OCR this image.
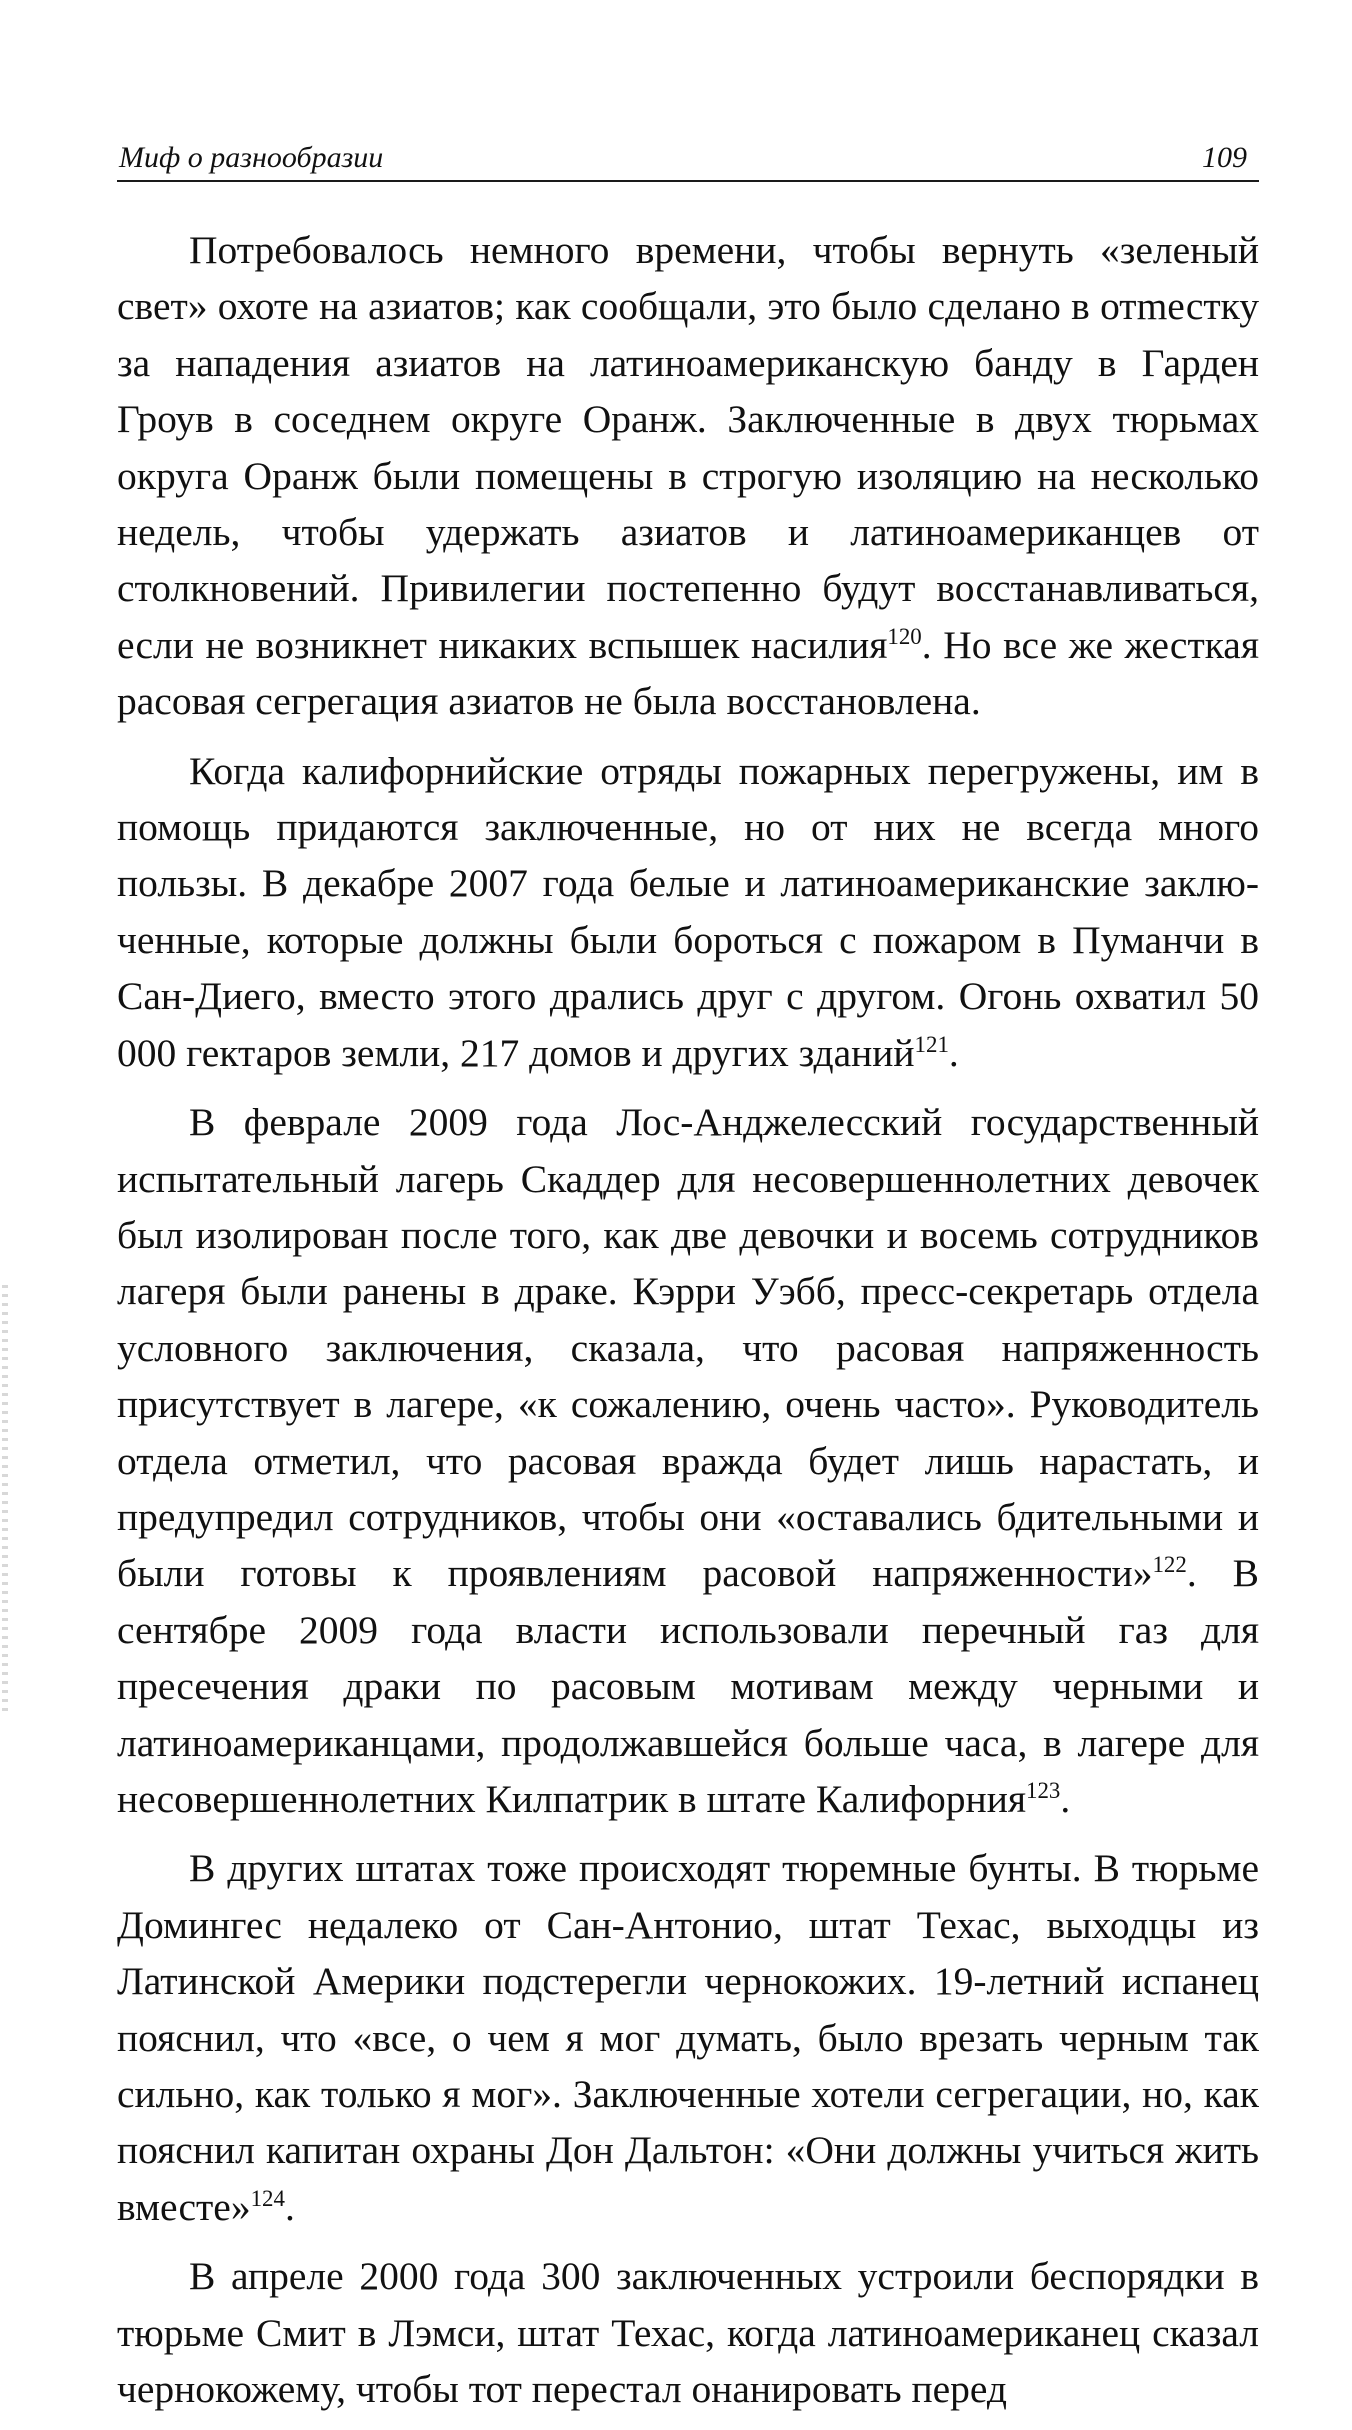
Миф о разнообразии	109

Потребовалось немного времени, чтобы вернуть «зеленый свет» охоте на азиатов; как сообщали, это было сделано в отmестку за нападения азиатов на латиноамериканскую банду в Гарден Гроув в соседнем округе Оранж. Заключенные в двух тюрьмах округа Оранж были помещены в строгую изоляцию на несколько недель, чтобы удержать азиатов и латиноамериканцев от столкновений. Привилегии постепенно будут восстанавливаться, если не возникнет никаких вспышек насилия$^{120}$. Но все же жесткая расовая сегрегация азиатов не была восстановлена.

Когда калифорнийские отряды пожарных перегружены, им в помощь придаются заключенные, но от них не всегда много пользы. В декабре 2007 года белые и латиноамериканские заключенные, которые должны были бороться с пожаром в Пуманчи в Сан-Диего, вместо этого дрались друг с другом. Огонь охватил 50 000 гектаров земли, 217 домов и других зданий$^{121}$.

В феврале 2009 года Лос-Анджелесский государственный испытательный лагерь Скаддер для несовершеннолетних девочек был изолирован после того, как две девочки и восемь сотрудников лагеря были ранены в драке. Кэрри Уэбб, пресс-секретарь отдела условного заключения, сказала, что расовая напряженность присутствует в лагере, «к сожалению, очень часто». Руководитель отдела отметил, что расовая вражда будет лишь нарастать, и предупредил сотрудников, чтобы они «оставались бдительными и были готовы к проявлениям расовой напряженности»$^{122}$. В сентябре 2009 года власти использовали перечный газ для пресечения драки по расовым мотивам между черными и латиноамериканцами, продолжавшейся больше часа, в лагере для несовершеннолетних Килпатрик в штате Калифорния$^{123}$.

В других штатах тоже происходят тюремные бунты. В тюрьме Домингес недалеко от Сан-Антонио, штат Техас, выходцы из Латинской Америки подстерегли чернокожих. 19-летний испанец пояснил, что «все, о чем я мог думать, было врезать черным так сильно, как только я мог». Заключенные хотели сегрегации, но, как пояснил капитан охраны Дон Дальтон: «Они должны учиться жить вместе»$^{124}$.

В апреле 2000 года 300 заключенных устроили беспорядки в тюрьме Смит в Лэмси, штат Техас, когда латиноамериканец сказал чернокожему, чтобы тот перестал онанировать перед
